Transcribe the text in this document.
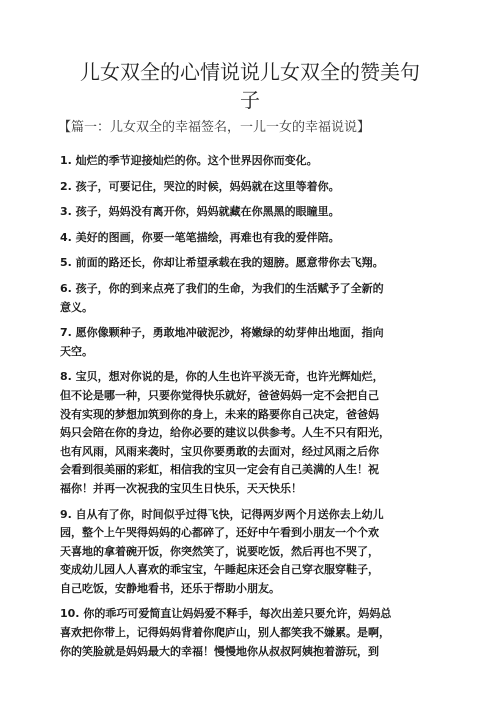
儿女双全的心情说说儿女双全的赞美句
子
【篇一：儿女双全的幸福签名，一儿一女的幸福说说】

1. 灿烂的季节迎接灿烂的你。这个世界因你而变化。

2. 孩子，可要记住，哭泣的时候，妈妈就在这里等着你。

3. 孩子，妈妈没有离开你，妈妈就藏在你黑黑的眼瞳里。

4. 美好的图画，你要一笔笔描绘，再难也有我的爱伴陪。

5. 前面的路还长，你却让希望承载在我的翅膀。愿意带你去飞翔。

6. 孩子，你的到来点亮了我们的生命，为我们的生活赋予了全新的
意义。

7. 愿你像颗种子，勇敢地冲破泥沙，将嫩绿的幼芽伸出地面，指向
天空。

8. 宝贝，想对你说的是，你的人生也许平淡无奇，也许光辉灿烂，
但不论是哪一种，只要你觉得快乐就好，爸爸妈妈一定不会把自己
没有实现的梦想加筑到你的身上，未来的路要你自己决定，爸爸妈
妈只会陪在你的身边，给你必要的建议以供参考。人生不只有阳光，
也有风雨，风雨来袭时，宝贝你要勇敢的去面对，经过风雨之后你
会看到很美丽的彩虹，相信我的宝贝一定会有自己美满的人生！祝
福你！并再一次祝我的宝贝生日快乐，天天快乐！

9. 自从有了你，时间似乎过得飞快，记得两岁两个月送你去上幼儿
园，整个上午哭得妈妈的心都碎了，还好中午看到小朋友一个个欢
天喜地的拿着碗开饭，你突然笑了，说要吃饭，然后再也不哭了，
变成幼儿园人人喜欢的乖宝宝，午睡起床还会自己穿衣服穿鞋子，
自己吃饭，安静地看书，还乐于帮助小朋友。

10. 你的乖巧可爱简直让妈妈爱不释手，每次出差只要允许，妈妈总
喜欢把你带上，记得妈妈背着你爬庐山，别人都笑我不嫌累。是啊，
你的笑脸就是妈妈最大的幸福！慢慢地你从叔叔阿姨抱着游玩，到
